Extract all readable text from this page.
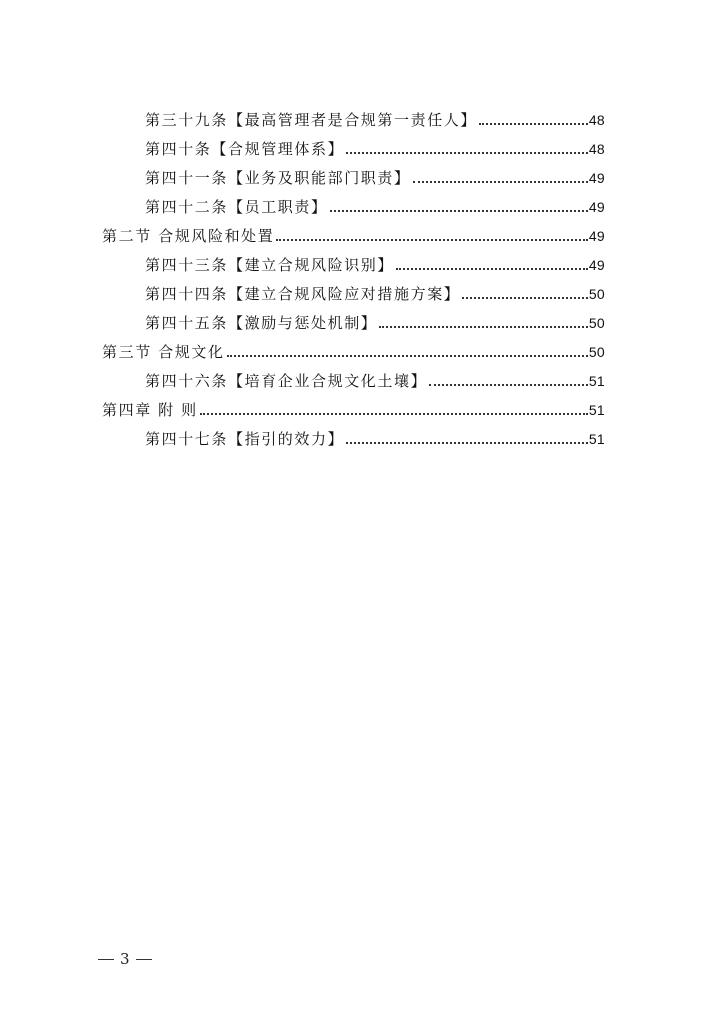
第三十九条【最高管理者是合规第一责任人】	48
第四十条【合规管理体系】	48
第四十一条【业务及职能部门职责】	49
第四十二条【员工职责】	49
第二节 合规风险和处置	49
第四十三条【建立合规风险识别】	49
第四十四条【建立合规风险应对措施方案】	50
第四十五条【激励与惩处机制】	50
第三节 合规文化	50
第四十六条【培育企业合规文化土壤】	51
第四章 附 则	51
第四十七条【指引的效力】	51
3
